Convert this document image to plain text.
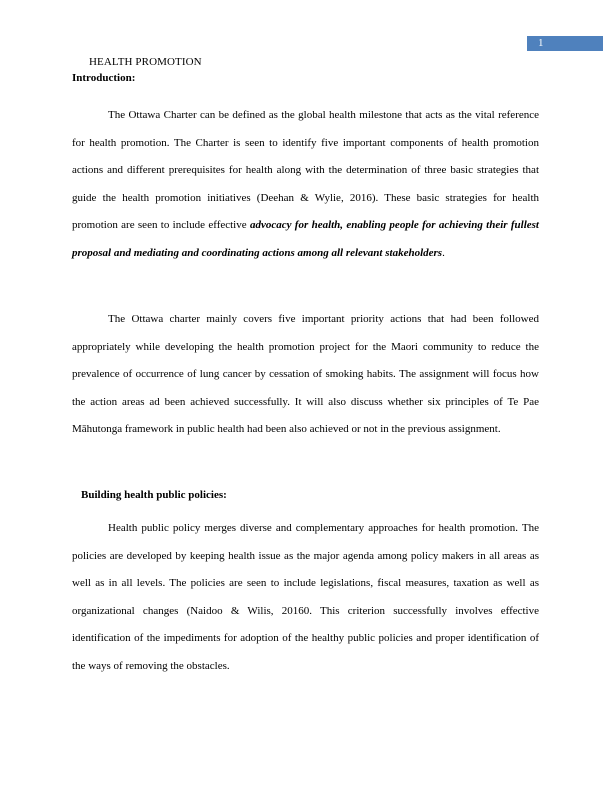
1
HEALTH PROMOTION
Introduction:

The Ottawa Charter can be defined as the global health milestone that acts as the vital reference for health promotion. The Charter is seen to identify five important components of health promotion actions and different prerequisites for health along with the determination of three basic strategies that guide the health promotion initiatives (Deehan & Wylie, 2016). These basic strategies for health promotion are seen to include effective advocacy for health, enabling people for achieving their fullest proposal and mediating and coordinating actions among all relevant stakeholders.

The Ottawa charter mainly covers five important priority actions that had been followed appropriately while developing the health promotion project for the Maori community to reduce the prevalence of occurrence of lung cancer by cessation of smoking habits. The assignment will focus how the action areas ad been achieved successfully. It will also discuss whether six principles of Te Pae Māhutonga framework in public health had been also achieved or not in the previous assignment.

Building health public policies:

Health public policy merges diverse and complementary approaches for health promotion. The policies are developed by keeping health issue as the major agenda among policy makers in all areas as well as in all levels. The policies are seen to include legislations, fiscal measures, taxation as well as organizational changes (Naidoo & Wilis, 20160. This criterion successfully involves effective identification of the impediments for adoption of the healthy public policies and proper identification of the ways of removing the obstacles.
